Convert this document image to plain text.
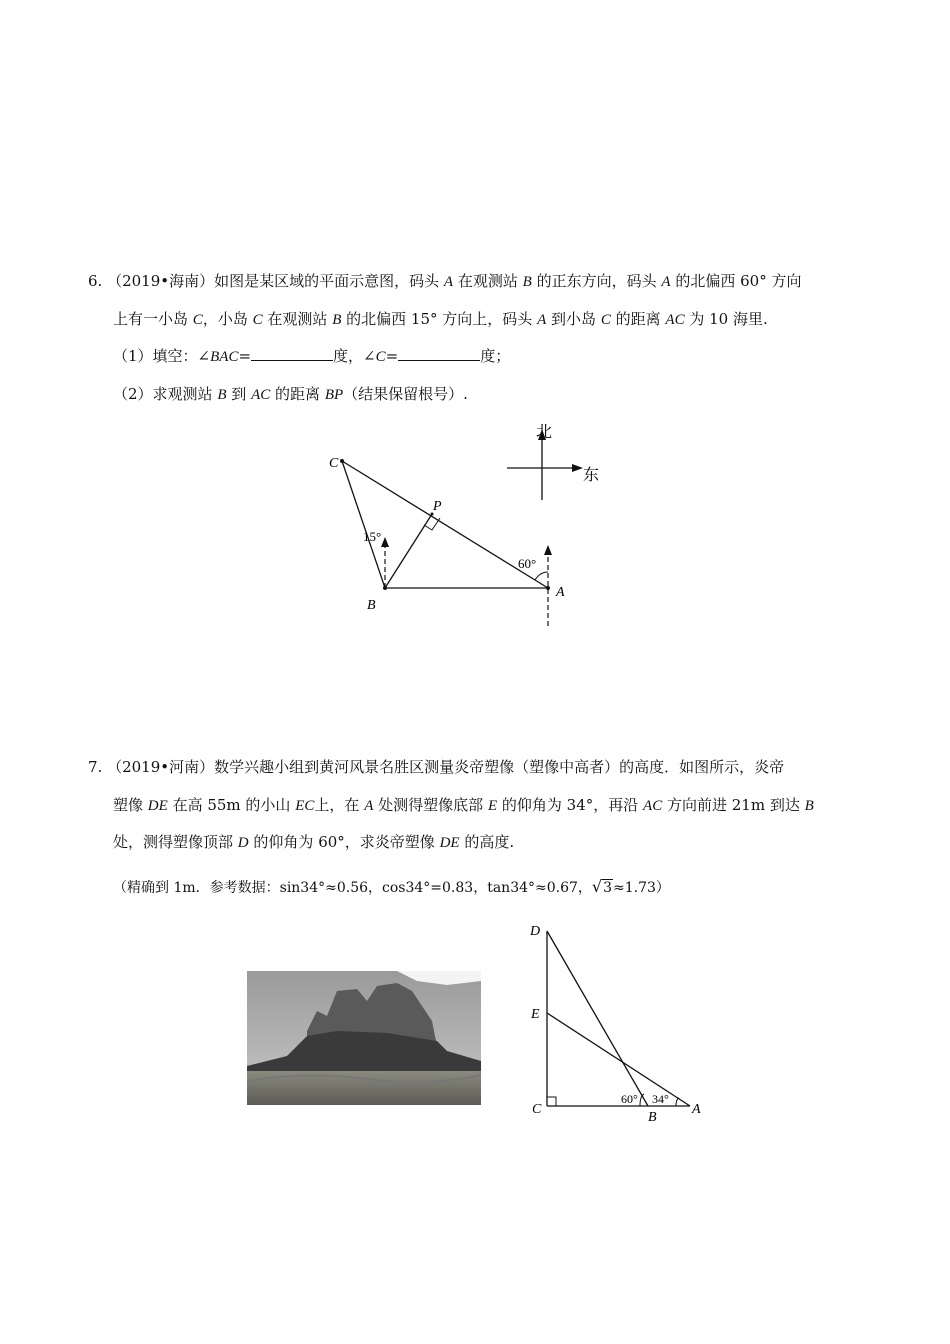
6. （2019•海南）如图是某区域的平面示意图，码头 A 在观测站 B 的正东方向，码头 A 的北偏西 60° 方向
上有一小岛 C，小岛 C 在观测站 B 的北偏西 15° 方向上，码头 A 到小岛 C 的距离 AC 为 10 海里.
（1）填空：∠BAC=	度，∠C=	度；
（2）求观测站 B 到 AC 的距离 BP（结果保留根号）.
C
P
B
A
15°
60°
北
东
7. （2019•河南）数学兴趣小组到黄河风景名胜区测量炎帝塑像（塑像中高者）的高度．如图所示，炎帝
塑像 DE 在高 55m 的小山 EC上，在 A 处测得塑像底部 E 的仰角为 34°，再沿 AC 方向前进 21m 到达 B
处，测得塑像顶部 D 的仰角为 60°，求炎帝塑像 DE 的高度.
（精确到 1m．参考数据：sin34°≈0.56，cos34°=0.83，tan34°≈0.67，√3≈1.73）
D
E
C
B
A
60° 34°
